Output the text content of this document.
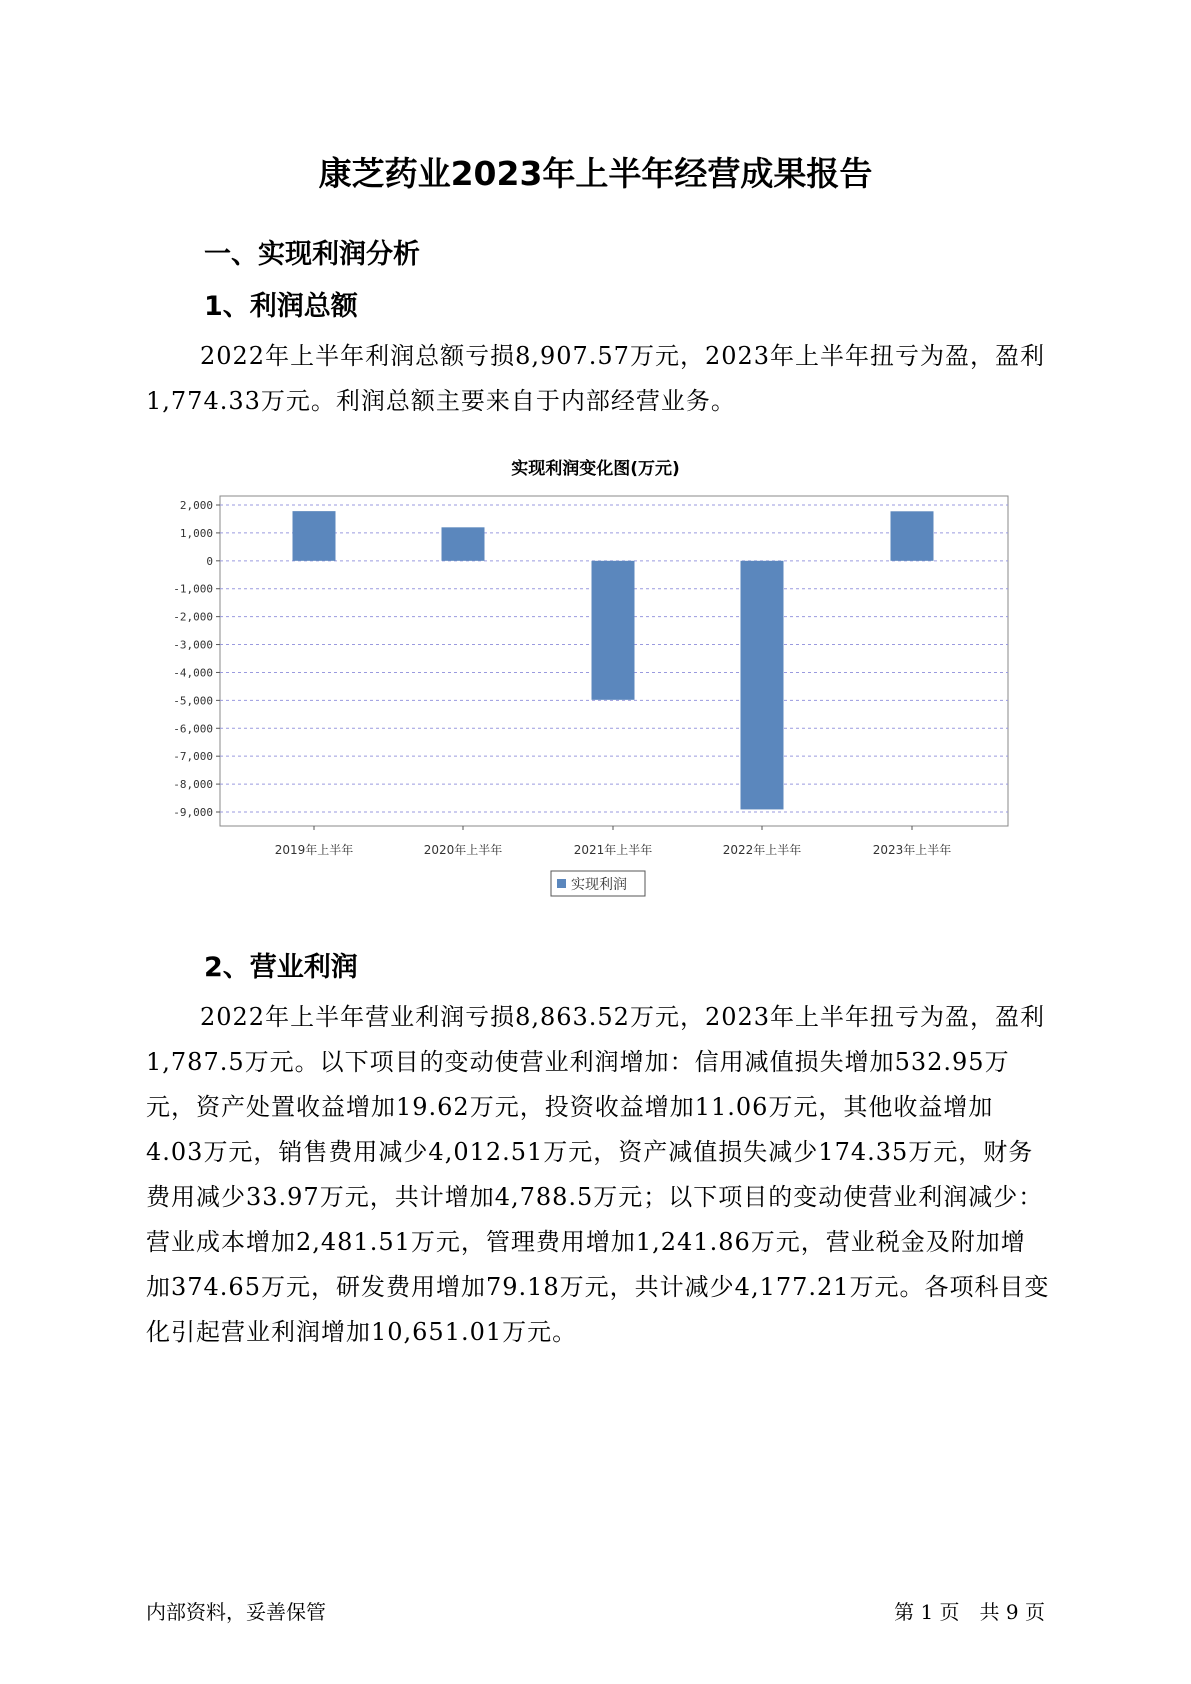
康芝药业2023年上半年经营成果报告
一、实现利润分析
1、利润总额

2022年上半年利润总额亏损8,907.57万元，2023年上半年扭亏为盈，盈利1,774.33万元。利润总额主要来自于内部经营业务。

实现利润变化图(万元)

2,000
1,000
0
-1,000
-2,000
-3,000
-4,000
-5,000
-6,000
-7,000
-8,000
-9,000
2019年上半年	2020年上半年	2021年上半年	2022年上半年	2023年上半年
实现利润
2、营业利润

2022年上半年营业利润亏损8,863.52万元，2023年上半年扭亏为盈，盈利1,787.5万元。以下项目的变动使营业利润增加：信用减值损失增加532.95万元，资产处置收益增加19.62万元，投资收益增加11.06万元，其他收益增加4.03万元，销售费用减少4,012.51万元，资产减值损失减少174.35万元，财务费用减少33.97万元，共计增加4,788.5万元；以下项目的变动使营业利润减少：营业成本增加2,481.51万元，管理费用增加1,241.86万元，营业税金及附加增加374.65万元，研发费用增加79.18万元，共计减少4,177.21万元。各项科目变化引起营业利润增加10,651.01万元。

内部资料，妥善保管	第 1 页　共 9 页
